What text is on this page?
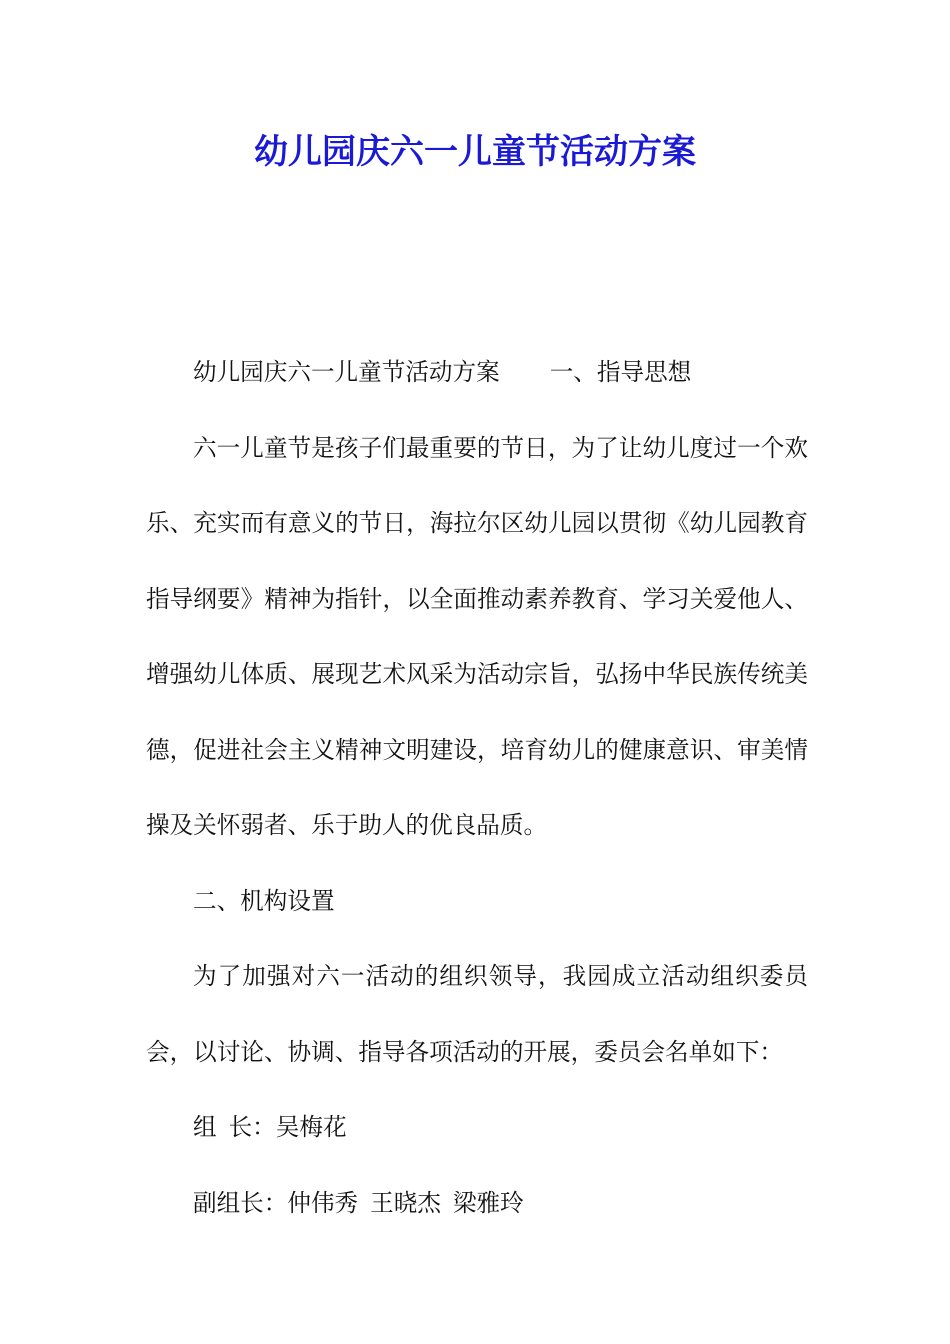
幼儿园庆六一儿童节活动方案

幼儿园庆六一儿童节活动方案 一、指导思想

六一儿童节是孩子们最重要的节日，为了让幼儿度过一个欢乐、充实而有意义的节日，海拉尔区幼儿园以贯彻《幼儿园教育指导纲要》精神为指针，以全面推动素养教育、学习关爱他人、增强幼儿体质、展现艺术风采为活动宗旨，弘扬中华民族传统美德，促进社会主义精神文明建设，培育幼儿的健康意识、审美情操及关怀弱者、乐于助人的优良品质。

二、机构设置

为了加强对六一活动的组织领导，我园成立活动组织委员会，以讨论、协调、指导各项活动的开展，委员会名单如下：

组 长：吴梅花

副组长：仲伟秀 王晓杰 梁雅玲
